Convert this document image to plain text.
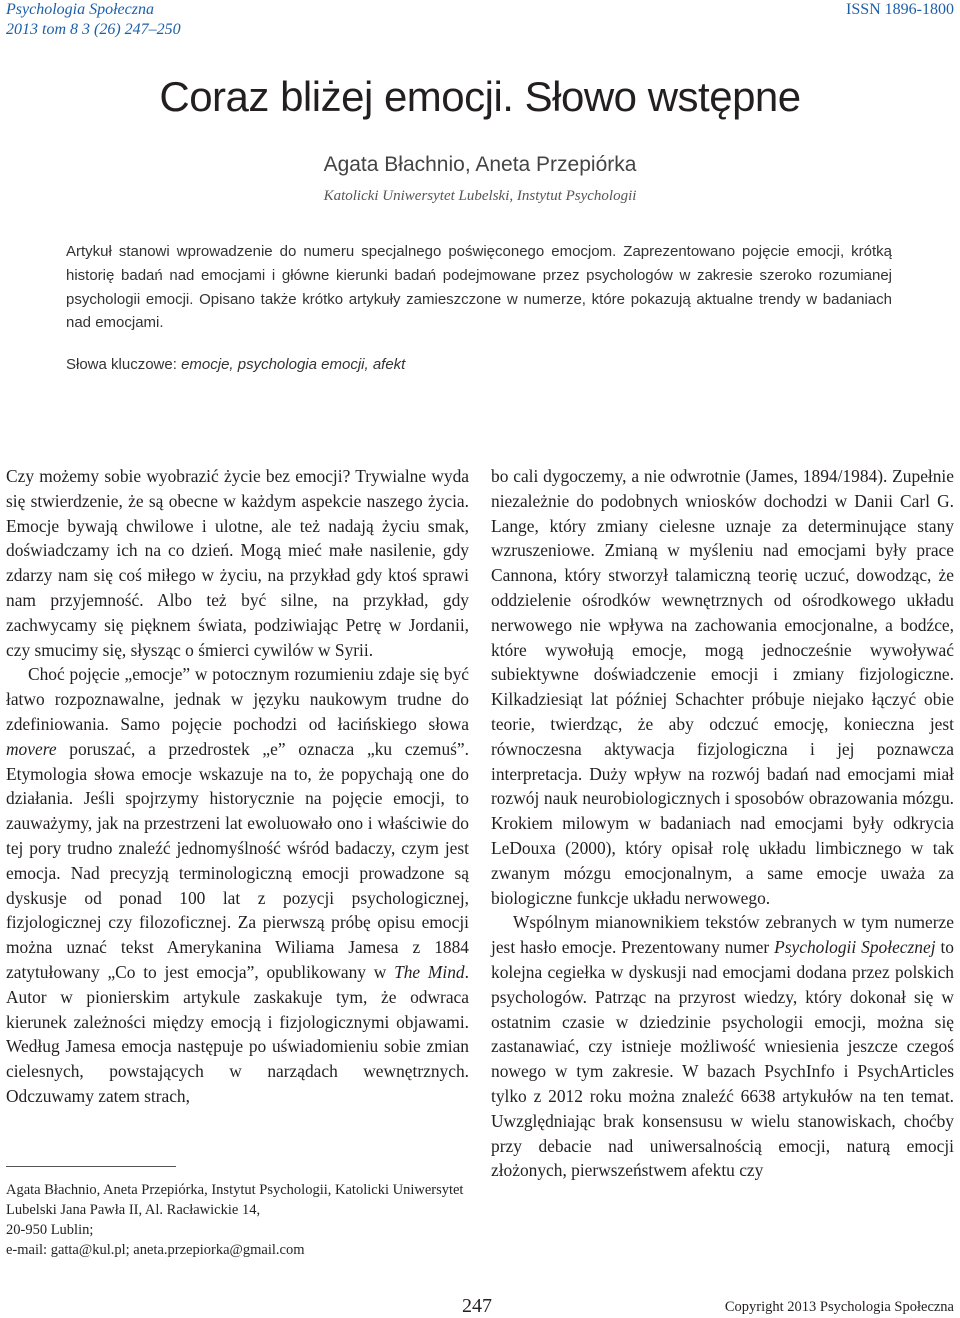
Psychologia Społeczna
2013 tom 8 3 (26) 247–250
ISSN 1896-1800
Coraz bliżej emocji. Słowo wstępne
Agata Błachnio, Aneta Przepiórka
Katolicki Uniwersytet Lubelski, Instytut Psychologii
Artykuł stanowi wprowadzenie do numeru specjalnego poświęconego emocjom. Zaprezentowano pojęcie emocji, krótką historię badań nad emocjami i główne kierunki badań podejmowane przez psychologów w zakresie szeroko rozumianej psychologii emocji. Opisano także krótko artykuły zamieszczone w numerze, które pokazują aktualne trendy w badaniach nad emocjami.
Słowa kluczowe: emocje, psychologia emocji, afekt

Czy możemy sobie wyobrazić życie bez emocji? Trywialne wyda się stwierdzenie, że są obecne w każdym aspekcie naszego życia. Emocje bywają chwilowe i ulotne, ale też nadają życiu smak, doświadczamy ich na co dzień. Mogą mieć małe nasilenie, gdy zdarzy nam się coś miłego w życiu, na przykład gdy ktoś sprawi nam przyjemność. Albo też być silne, na przykład, gdy zachwycamy się pięknem świata, podziwiając Petrę w Jordanii, czy smucimy się, słysząc o śmierci cywilów w Syrii.

Choć pojęcie „emocje” w potocznym rozumieniu zdaje się być łatwo rozpoznawalne, jednak w języku naukowym trudne do zdefiniowania. Samo pojęcie pochodzi od łacińskiego słowa movere poruszać, a przedrostek „e” oznacza „ku czemuś”. Etymologia słowa emocje wskazuje na to, że popychają one do działania. Jeśli spojrzymy historycznie na pojęcie emocji, to zauważymy, jak na przestrzeni lat ewoluowało ono i właściwie do tej pory trudno znaleźć jednomyślność wśród badaczy, czym jest emocja. Nad precyzją terminologiczną emocji prowadzone są dyskusje od ponad 100 lat z pozycji psychologicznej, fizjologicznej czy filozoficznej. Za pierwszą próbę opisu emocji można uznać tekst Amerykanina Wiliama Jamesa z 1884 zatytułowany „Co to jest emocja”, opublikowany w The Mind. Autor w pionierskim artykule zaskakuje tym, że odwraca kierunek zależności między emocją i fizjologicznymi objawami. Według Jamesa emocja następuje po uświadomieniu sobie zmian cielesnych, powstających w narządach wewnętrznych. Odczuwamy zatem strach,

bo cali dygoczemy, a nie odwrotnie (James, 1894/1984). Zupełnie niezależnie do podobnych wniosków dochodzi w Danii Carl G. Lange, który zmiany cielesne uznaje za determinujące stany wzruszeniowe. Zmianą w myśleniu nad emocjami były prace Cannona, który stworzył talamiczną teorię uczuć, dowodząc, że oddzielenie ośrodków wewnętrznych od ośrodkowego układu nerwowego nie wpływa na zachowania emocjonalne, a bodźce, które wywołują emocje, mogą jednocześnie wywoływać subiektywne doświadczenie emocji i zmiany fizjologiczne. Kilkadziesiąt lat później Schachter próbuje niejako łączyć obie teorie, twierdząc, że aby odczuć emocję, konieczna jest równoczesna aktywacja fizjologiczna i jej poznawcza interpretacja. Duży wpływ na rozwój badań nad emocjami miał rozwój nauk neurobiologicznych i sposobów obrazowania mózgu. Krokiem milowym w badaniach nad emocjami były odkrycia LeDouxa (2000), który opisał rolę układu limbicznego w tak zwanym mózgu emocjonalnym, a same emocje uważa za biologiczne funkcje układu nerwowego.

Wspólnym mianownikiem tekstów zebranych w tym numerze jest hasło emocje. Prezentowany numer Psychologii Społecznej to kolejna cegiełka w dyskusji nad emocjami dodana przez polskich psychologów. Patrząc na przyrost wiedzy, który dokonał się w ostatnim czasie w dziedzinie psychologii emocji, można się zastanawiać, czy istnieje możliwość wniesienia jeszcze czegoś nowego w tym zakresie. W bazach PsychInfo i PsychArticles tylko z 2012 roku można znaleźć 6638 artykułów na ten temat. Uwzględniając brak konsensusu w wielu stanowiskach, choćby przy debacie nad uniwersalnością emocji, naturą emocji złożonych, pierwszeństwem afektu czy

Agata Błachnio, Aneta Przepiórka, Instytut Psychologii, Katolicki Uniwersytet Lubelski Jana Pawła II, Al. Racławickie 14,
20-950 Lublin;
e-mail: gatta@kul.pl; aneta.przepiorka@gmail.com
247	Copyright 2013 Psychologia Społeczna
